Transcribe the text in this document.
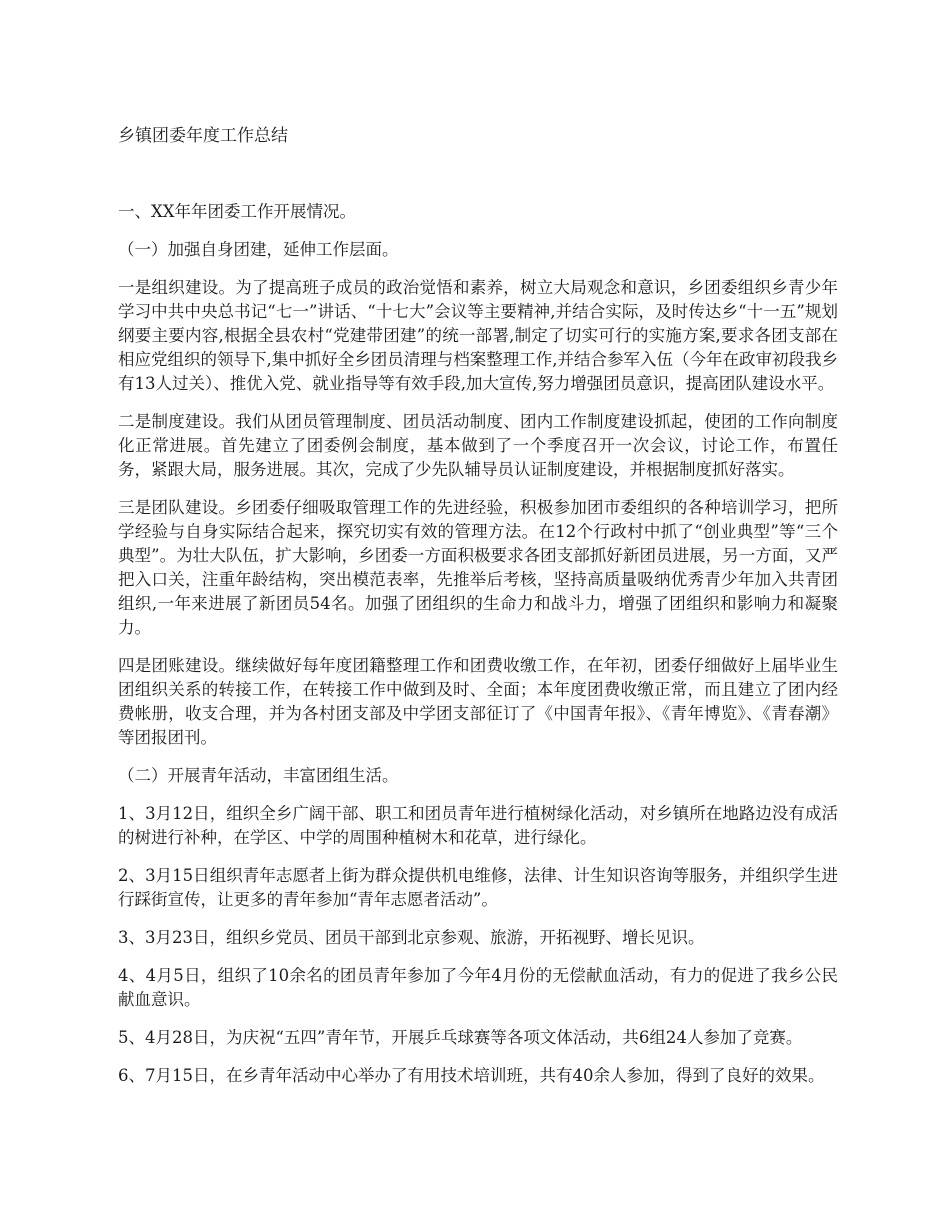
乡镇团委年度工作总结

一、XX年年团委工作开展情况。

（一）加强自身团建，延伸工作层面。

一是组织建设。为了提高班子成员的政治觉悟和素养，树立大局观念和意识，乡团委组织乡青少年学习中共中央总书记“七一”讲话、“十七大”会议等主要精神,并结合实际，及时传达乡“十一五”规划纲要主要内容,根据全县农村“党建带团建”的统一部署,制定了切实可行的实施方案,要求各团支部在相应党组织的领导下,集中抓好全乡团员清理与档案整理工作,并结合参军入伍（今年在政审初段我乡有13人过关）、推优入党、就业指导等有效手段,加大宣传,努力增强团员意识，提高团队建设水平。

二是制度建设。我们从团员管理制度、团员活动制度、团内工作制度建设抓起，使团的工作向制度化正常进展。首先建立了团委例会制度，基本做到了一个季度召开一次会议，讨论工作，布置任务，紧跟大局，服务进展。其次，完成了少先队辅导员认证制度建设，并根据制度抓好落实。

三是团队建设。乡团委仔细吸取管理工作的先进经验，积极参加团市委组织的各种培训学习，把所学经验与自身实际结合起来，探究切实有效的管理方法。在12个行政村中抓了“创业典型”等“三个典型”。为壮大队伍，扩大影响，乡团委一方面积极要求各团支部抓好新团员进展，另一方面，又严把入口关，注重年龄结构，突出模范表率，先推举后考核，坚持高质量吸纳优秀青少年加入共青团组织,一年来进展了新团员54名。加强了团组织的生命力和战斗力，增强了团组织和影响力和凝聚力。

四是团账建设。继续做好每年度团籍整理工作和团费收缴工作，在年初，团委仔细做好上届毕业生团组织关系的转接工作，在转接工作中做到及时、全面；本年度团费收缴正常，而且建立了团内经费帐册，收支合理，并为各村团支部及中学团支部征订了《中国青年报》、《青年博览》、《青春潮》等团报团刊。

（二）开展青年活动，丰富团组生活。

1、3月12日，组织全乡广阔干部、职工和团员青年进行植树绿化活动，对乡镇所在地路边没有成活的树进行补种，在学区、中学的周围种植树木和花草，进行绿化。

2、3月15日组织青年志愿者上街为群众提供机电维修，法律、计生知识咨询等服务，并组织学生进行踩街宣传，让更多的青年参加“青年志愿者活动”。

3、3月23日，组织乡党员、团员干部到北京参观、旅游，开拓视野、增长见识。

4、4月5日，组织了10余名的团员青年参加了今年4月份的无偿献血活动，有力的促进了我乡公民献血意识。

5、4月28日，为庆祝“五四”青年节，开展乒乓球赛等各项文体活动，共6组24人参加了竞赛。

6、7月15日，在乡青年活动中心举办了有用技术培训班，共有40余人参加，得到了良好的效果。
